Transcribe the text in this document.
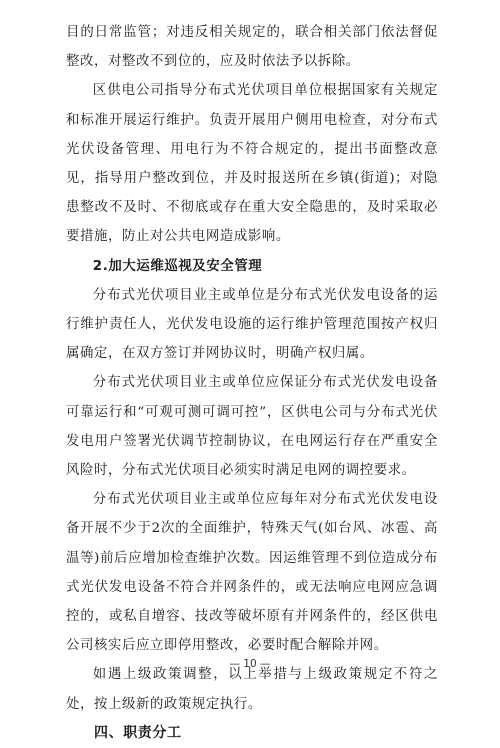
目的日常监管；对违反相关规定的，联合相关部门依法督促整改，对整改不到位的，应及时依法予以拆除。

区供电公司指导分布式光伏项目单位根据国家有关规定和标准开展运行维护。负责开展用户侧用电检查，对分布式光伏设备管理、用电行为不符合规定的，提出书面整改意见，指导用户整改到位，并及时报送所在乡镇(街道)；对隐患整改不及时、不彻底或存在重大安全隐患的，及时采取必要措施，防止对公共电网造成影响。

2.加大运维巡视及安全管理

分布式光伏项目业主或单位是分布式光伏发电设备的运行维护责任人，光伏发电设施的运行维护管理范围按产权归属确定，在双方签订并网协议时，明确产权归属。

分布式光伏项目业主或单位应保证分布式光伏发电设备可靠运行和“可观可测可调可控”，区供电公司与分布式光伏发电用户签署光伏调节控制协议，在电网运行存在严重安全风险时，分布式光伏项目必须实时满足电网的调控要求。

分布式光伏项目业主或单位应每年对分布式光伏发电设备开展不少于2次的全面维护，特殊天气(如台风、冰雹、高温等)前后应增加检查维护次数。因运维管理不到位造成分布式光伏发电设备不符合并网条件的，或无法响应电网应急调控的，或私自增容、技改等破坏原有并网条件的，经区供电公司核实后应立即停用整改，必要时配合解除并网。

如遇上级政策调整，以上举措与上级政策规定不符之处，按上级新的政策规定执行。

四、职责分工

— 10 —
